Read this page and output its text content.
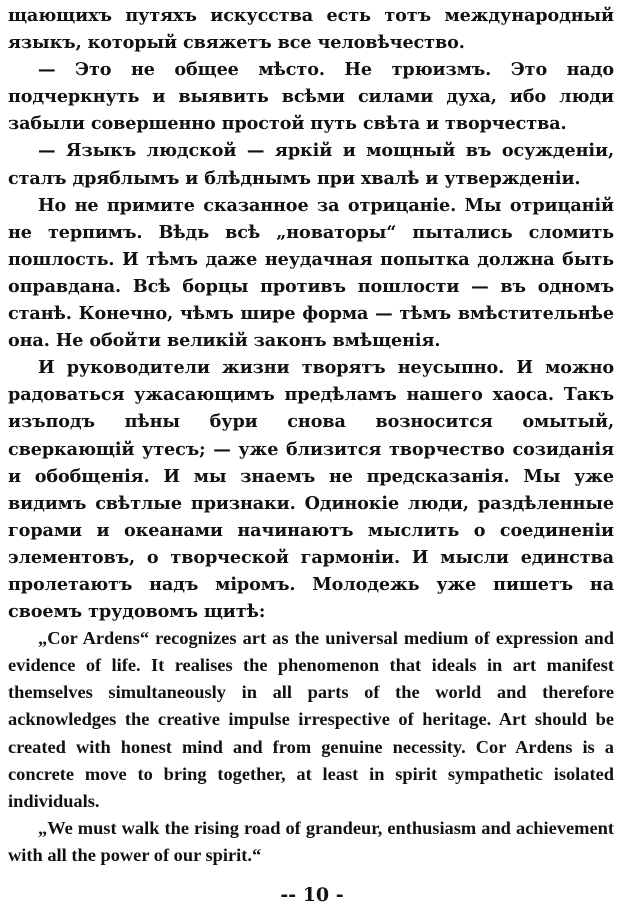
щающихъ путяхъ искусства есть тотъ международный языкъ, который свяжетъ все человѣчество.

— Это не общее мѣсто. Не трюизмъ. Это надо подчеркнуть и выявить всѣми силами духа, ибо люди забыли совершенно простой путь свѣта и творчества.

— Языкъ людской — яркій и мощный въ осужденіи, сталъ дряблымъ и блѣднымъ при хвалѣ и утвержденіи.

Но не примите сказанное за отрицаніе. Мы отрицаній не терпимъ. Вѣдь всѣ „новаторы“ пытались сломить пошлость. И тѣмъ даже неудачная попытка должна быть оправдана. Всѣ борцы противъ пошлости — въ одномъ станѣ. Конечно, чѣмъ шире форма — тѣмъ вмѣстительнѣе она. Не обойти великій законъ вмѣщенія.

И руководители жизни творятъ неусыпно. И можно радоваться ужасающимъ предѣламъ нашего хаоса. Такъ изъподъ пѣны бури снова возносится омытый, сверкающій утесъ; — уже близится творчество созиданія и обобщенія. И мы знаемъ не предсказанія. Мы уже видимъ свѣтлые признаки. Одинокіе люди, раздѣленные горами и океанами начинаютъ мыслить о соединеніи элементовъ, о творческой гармоніи. И мысли единства пролетаютъ надъ міромъ. Молодежь уже пишетъ на своемъ трудовомъ щитѣ:

„Cor Ardens“ recognizes art as the universal medium of expression and evidence of life. It realises the phenomenon that ideals in art manifest themselves simultaneously in all parts of the world and therefore acknowledges the creative impulse irrespective of heritage. Art should be created with honest mind and from genuine necessity. Cor Ardens is a concrete move to bring together, at least in spirit sympathetic isolated individuals.

„We must walk the rising road of grandeur, enthusiasm and achievement with all the power of our spirit.“

-- 10 -
